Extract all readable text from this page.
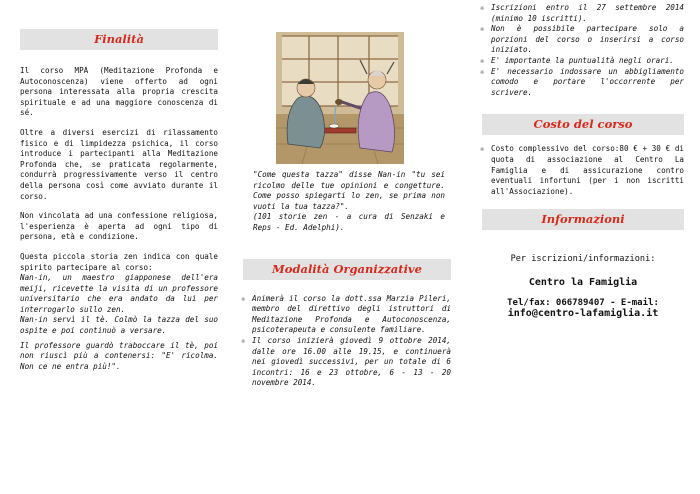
Finalità

Il corso MPA (Meditazione Profonda e Autoconoscenza) viene offerto ad ogni persona interessata alla propria crescita spirituale e ad una maggiore conoscenza di sé.

Oltre a diversi esercizi di rilassamento fisico e di limpidezza psichica, il corso introduce i partecipanti alla Meditazione Profonda che, se praticata regolarmente, condurrà progressivamente verso il centro della persona così come avviato durante il corso.

Non vincolata ad una confessione religiosa, l'esperienza è aperta ad ogni tipo di persona, età e condizione.

Questa piccola storia zen indica con quale spirito partecipare al corso:

Nan-in, un maestro giapponese dell'era meiji, ricevette la visita di un professore universitario che era andato da lui per interrogarlo sullo zen.

Nan-in servì il tè. Colmò la tazza del suo ospite e poi continuò a versare.

Il professore guardò traboccare il tè, poi non riuscì più a contenersi: "E' ricolma. Non ce ne entra più!".

"Come questa tazza" disse Nan-in "tu sei ricolmo delle tue opinioni e congetture. Come posso spiegarti lo zen, se prima non vuoti la tua tazza?".

(101 storie zen - a cura di Senzaki e Reps - Ed. Adelphi).

Modalità Organizzative
❈ Animerà il corso la dott.ssa Marzia Pileri, membro del direttivo degli istruttori di Meditazione Profonda e Autoconoscenza, psicoterapeuta e consulente familiare.
❈ Il corso inizierà giovedì 9 ottobre 2014, dalle ore 16.00 alle 19.15, e continuerà nei giovedì successivi, per un totale di 6 incontri: 16 e 23 ottobre, 6 - 13 - 20 novembre 2014.
❈ Iscrizioni entro il 27 settembre 2014 (minimo 10 iscritti).
❈ Non è possibile partecipare solo a porzioni del corso o inserirsi a corso iniziato.
❈ E' importante la puntualità negli orari.
❈ E' necessario indossare un abbigliamento comodo e portare l'occorrente per scrivere.
Costo del corso
❈ Costo complessivo del corso:80 € + 30 € di quota di associazione al Centro La Famiglia e di assicurazione contro eventuali infortuni (per i non iscritti all'Associazione).
Informazioni
Per iscrizioni/informazioni:
Centro la Famiglia
Tel/fax: 066789407 - E-mail:
info@centro-lafamiglia.it
